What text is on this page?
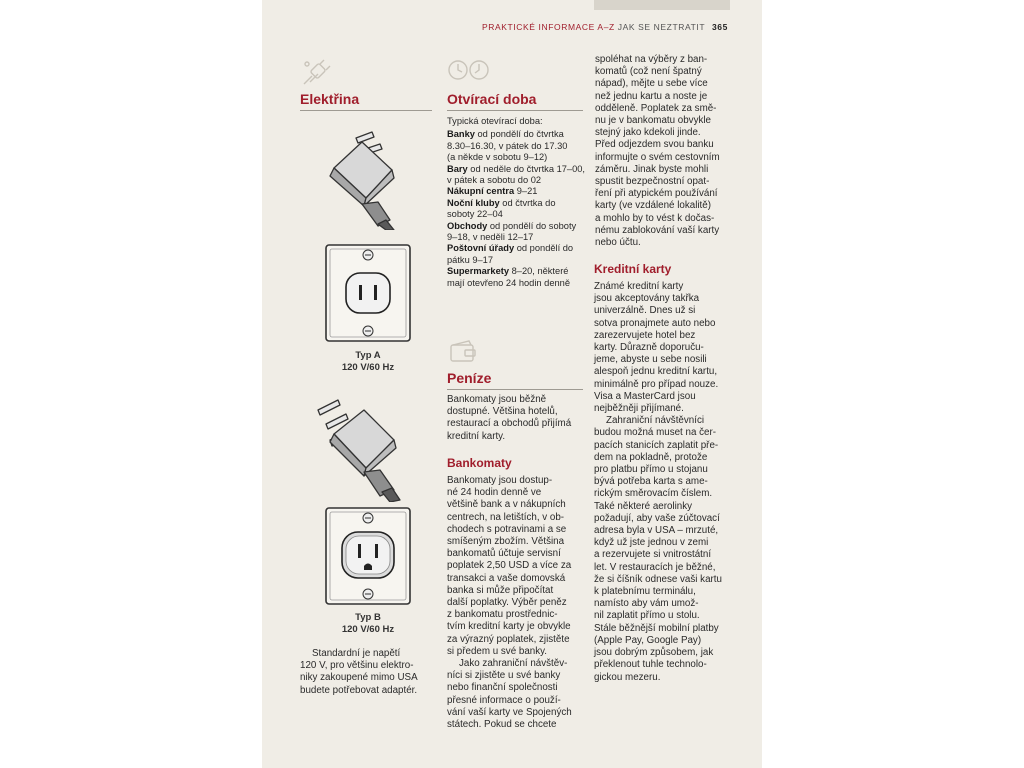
PRAKTICKÉ INFORMACE A–Z JAK SE NEZTRATIT 365
Elektřina
Typ A
120 V/60 Hz
Typ B
120 V/60 Hz

Standardní je napětí

120 V, pro většinu elektro-

niky zakoupené mimo USA

budete potřebovat adaptér.

Otvírací doba

Typická otevírací doba:

Banky od pondělí do čtvrtka

8.30–16.30, v pátek do 17.30

(a někde v sobotu 9–12)

Bary od neděle do čtvrtka 17–00,

v pátek a sobotu do 02

Nákupní centra 9–21

Noční kluby od čtvrtka do

soboty 22–04

Obchody od pondělí do soboty

9–18, v neděli 12–17

Poštovní úřady od pondělí do

pátku 9–17

Supermarkety 8–20, některé

mají otevřeno 24 hodin denně

Peníze

Bankomaty jsou běžně

dostupné. Většina hotelů,

restaurací a obchodů přijímá

kreditní karty.

Bankomaty

Bankomaty jsou dostup-

né 24 hodin denně ve

většině bank a v nákupních

centrech, na letištích, v ob-

chodech s potravinami a se

smíšeným zbožím. Většina

bankomatů účtuje servisní

poplatek 2,50 USD a více za

transakci a vaše domovská

banka si může připočítat

další poplatky. Výběr peněz

z bankomatu prostřednic-

tvím kreditní karty je obvykle

za výrazný poplatek, zjistěte

si předem u své banky.

Jako zahraniční návštěv-

níci si zjistěte u své banky

nebo finanční společnosti

přesné informace o použí-

vání vaší karty ve Spojených

státech. Pokud se chcete

spoléhat na výběry z ban-

komatů (což není špatný

nápad), mějte u sebe více

než jednu kartu a noste je

odděleně. Poplatek za smě-

nu je v bankomatu obvykle

stejný jako kdekoli jinde.

Před odjezdem svou banku

informujte o svém cestovním

záměru. Jinak byste mohli

spustit bezpečnostní opat-

ření při atypickém používání

karty (ve vzdálené lokalitě)

a mohlo by to vést k dočas-

nému zablokování vaší karty

nebo účtu.

Kreditní karty

Známé kreditní karty

jsou akceptovány takřka

univerzálně. Dnes už si

sotva pronajmete auto nebo

zarezervujete hotel bez

karty. Důrazně doporuču-

jeme, abyste u sebe nosili

alespoň jednu kreditní kartu,

minimálně pro případ nouze.

Visa a MasterCard jsou

nejběžněji přijímané.

Zahraniční návštěvníci

budou možná muset na čer-

pacích stanicích zaplatit pře-

dem na pokladně, protože

pro platbu přímo u stojanu

bývá potřeba karta s ame-

rickým směrovacím číslem.

Také některé aerolinky

požadují, aby vaše zúčtovací

adresa byla v USA – mrzuté,

když už jste jednou v zemi

a rezervujete si vnitrostátní

let. V restauracích je běžné,

že si číšník odnese vaši kartu

k platebnímu terminálu,

namísto aby vám umož-

nil zaplatit přímo u stolu.

Stále běžnější mobilní platby

(Apple Pay, Google Pay)

jsou dobrým způsobem, jak

překlenout tuhle technolo-

gickou mezeru.
